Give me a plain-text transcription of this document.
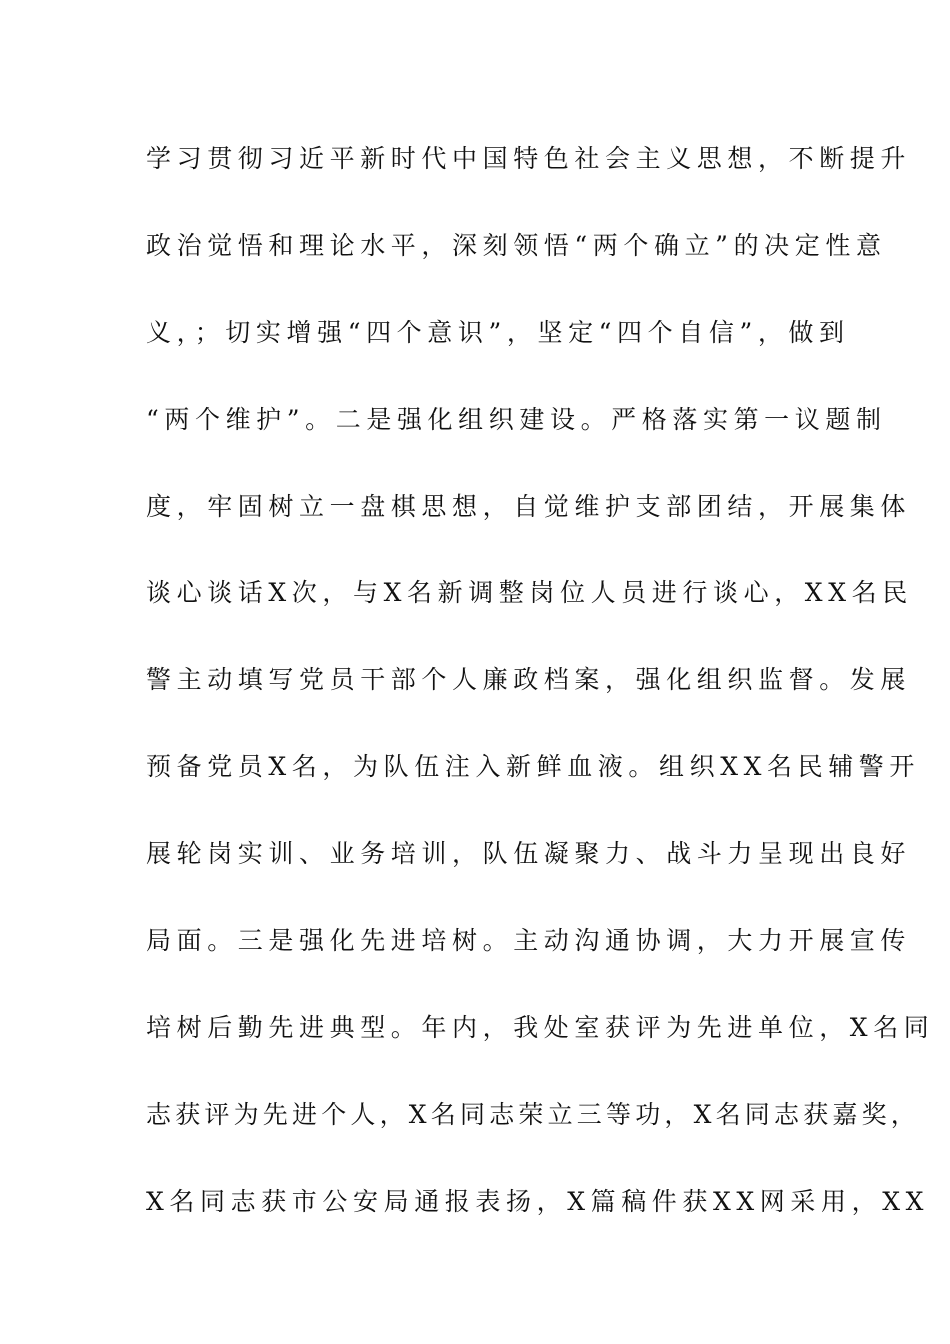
学习贯彻习近平新时代中国特色社会主义思想，不断提升
政治觉悟和理论水平，深刻领悟“两个确立”的决定性意
义，；切实增强“四个意识”，坚定“四个自信”，做到
“两个维护”。二是强化组织建设。严格落实第一议题制
度，牢固树立一盘棋思想，自觉维护支部团结，开展集体
谈心谈话X次，与X名新调整岗位人员进行谈心，XX名民
警主动填写党员干部个人廉政档案，强化组织监督。发展
预备党员X名，为队伍注入新鲜血液。组织XX名民辅警开
展轮岗实训、业务培训，队伍凝聚力、战斗力呈现出良好
局面。三是强化先进培树。主动沟通协调，大力开展宣传
培树后勤先进典型。年内，我处室获评为先进单位，X名同
志获评为先进个人，X名同志荣立三等功，X名同志获嘉奖，
X名同志获市公安局通报表扬，X篇稿件获XX网采用，XX
